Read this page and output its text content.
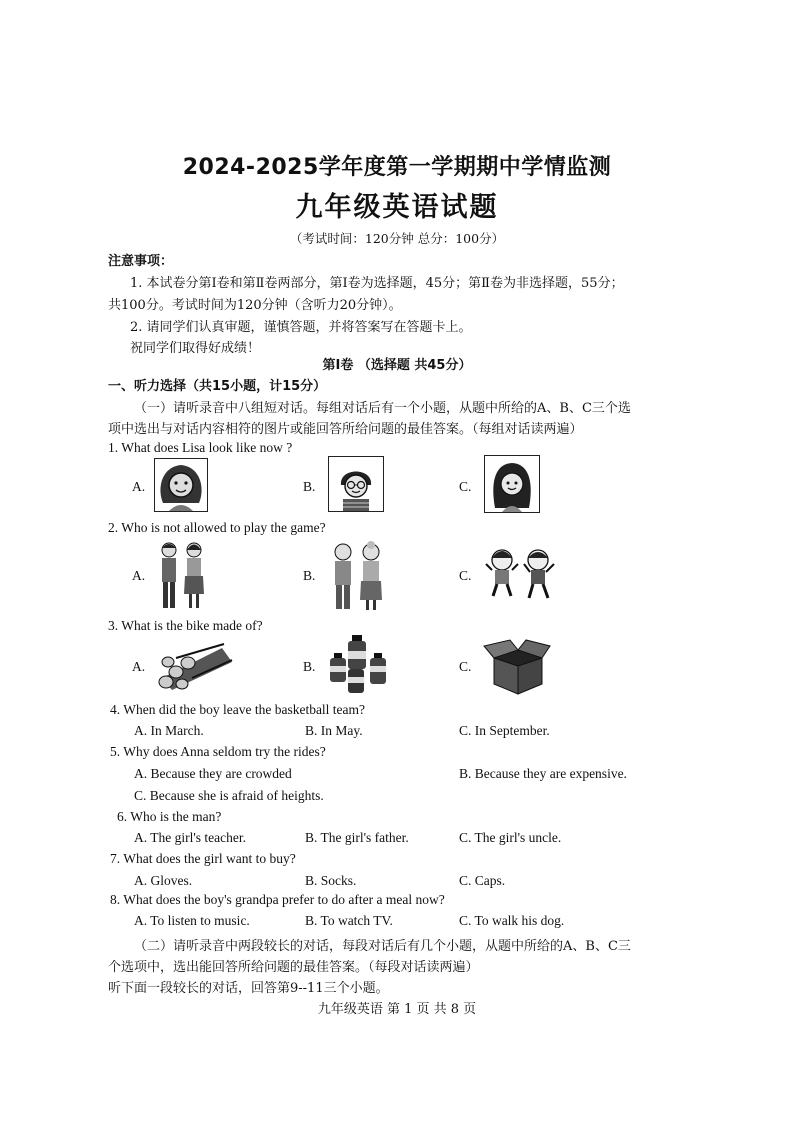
2024-2025学年度第一学期期中学情监测
九年级英语试题
（考试时间：120分钟 总分：100分）
注意事项：
1. 本试卷分第Ⅰ卷和第Ⅱ卷两部分，第Ⅰ卷为选择题，45分；第Ⅱ卷为非选择题，55分；
共100分。考试时间为120分钟（含听力20分钟）。
2. 请同学们认真审题，谨慎答题，并将答案写在答题卡上。
祝同学们取得好成绩！
第Ⅰ卷 （选择题 共45分）
一、听力选择（共15小题，计15分）
（一）请听录音中八组短对话。每组对话后有一个小题，从题中所给的A、B、C三个选
项中选出与对话内容相符的图片或能回答所给问题的最佳答案。（每组对话读两遍）
1. What does Lisa look like now ?
A.	B.	C.
2. Who is not allowed to play the game?
A.	B.	C.
3. What is the bike made of?
A.	B.	C.
4. When did the boy leave the basketball team?
A. In March.	B. In May.	C. In September.
5. Why does Anna seldom try the rides?
A. Because they are crowded	B. Because they are expensive.
C. Because she is afraid of heights.
6. Who is the man?
A. The girl's teacher.	B. The girl's father.	C. The girl's uncle.
7. What does the girl want to buy?
A. Gloves.	B. Socks.	C. Caps.
8. What does the boy's grandpa prefer to do after a meal now?
A. To listen to music.	B. To watch TV.	C. To walk his dog.
（二）请听录音中两段较长的对话，每段对话后有几个小题，从题中所给的A、B、C三
个选项中，选出能回答所给问题的最佳答案。（每段对话读两遍）
听下面一段较长的对话，回答第9--11三个小题。
九年级英语 第 1 页 共 8 页
